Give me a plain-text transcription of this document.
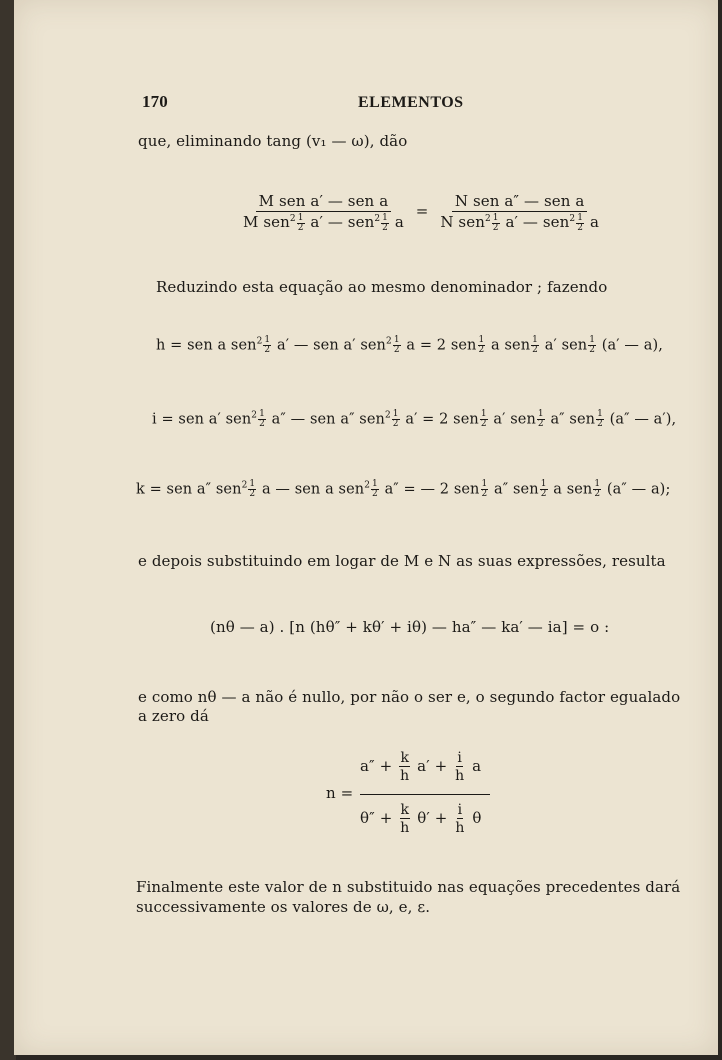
170	ELEMENTOS
que, eliminando tang (v₁ — ω), dão
$\frac{\text{M sen a′ — sen a}}{M sen^2 \frac{1}{2} a' — sen^2 \frac{1}{2} a} = \frac{\text{N sen a″ — sen a}}{N sen^2 \frac{1}{2} a' — sen^2 \frac{1}{2} a}$
Reduzindo esta equação ao mesmo denominador ; fazendo
h = sen a $sen^2 \frac{1}{2} a'$ — sen a′ $sen^2 \frac{1}{2}$ a = 2 sen $\frac{1}{2}$ a sen $\frac{1}{2} a'$ sen $\frac{1}{2} (a'$ — a),
i = sen a′ $sen^2 \frac{1}{2} a''$ — sen a″ $sen^2 \frac{1}{2} a' = 2$ sen $\frac{1}{2} a'$ sen $\frac{1}{2} a''$ sen $\frac{1}{2} (a''$ — a′),
k = sen a″ $sen^2 \frac{1}{2}$ a — sen a $sen^2 \frac{1}{2} a''$ = — 2 sen $\frac{1}{2} a''$ sen $\frac{1}{2}$ a sen $\frac{1}{2} (a''$ — a);
e depois substituindo em logar de M e N as suas expressões, resulta
(nθ — a) . [n (hθ″ + kθ′ + iθ) — ha″ — ka′ — ia] = o :
e como nθ — a não é nullo, por não o ser e, o segundo factor egualado
a zero dá
n =
$a'' + \frac{k}{h} a' + \frac{i}{h}$ a
$\theta'' + \frac{k}{h} \theta' + \frac{i}{h}$ θ
Finalmente este valor de n substituido nas equações precedentes dará
successivamente os valores de ω, e, ε.
